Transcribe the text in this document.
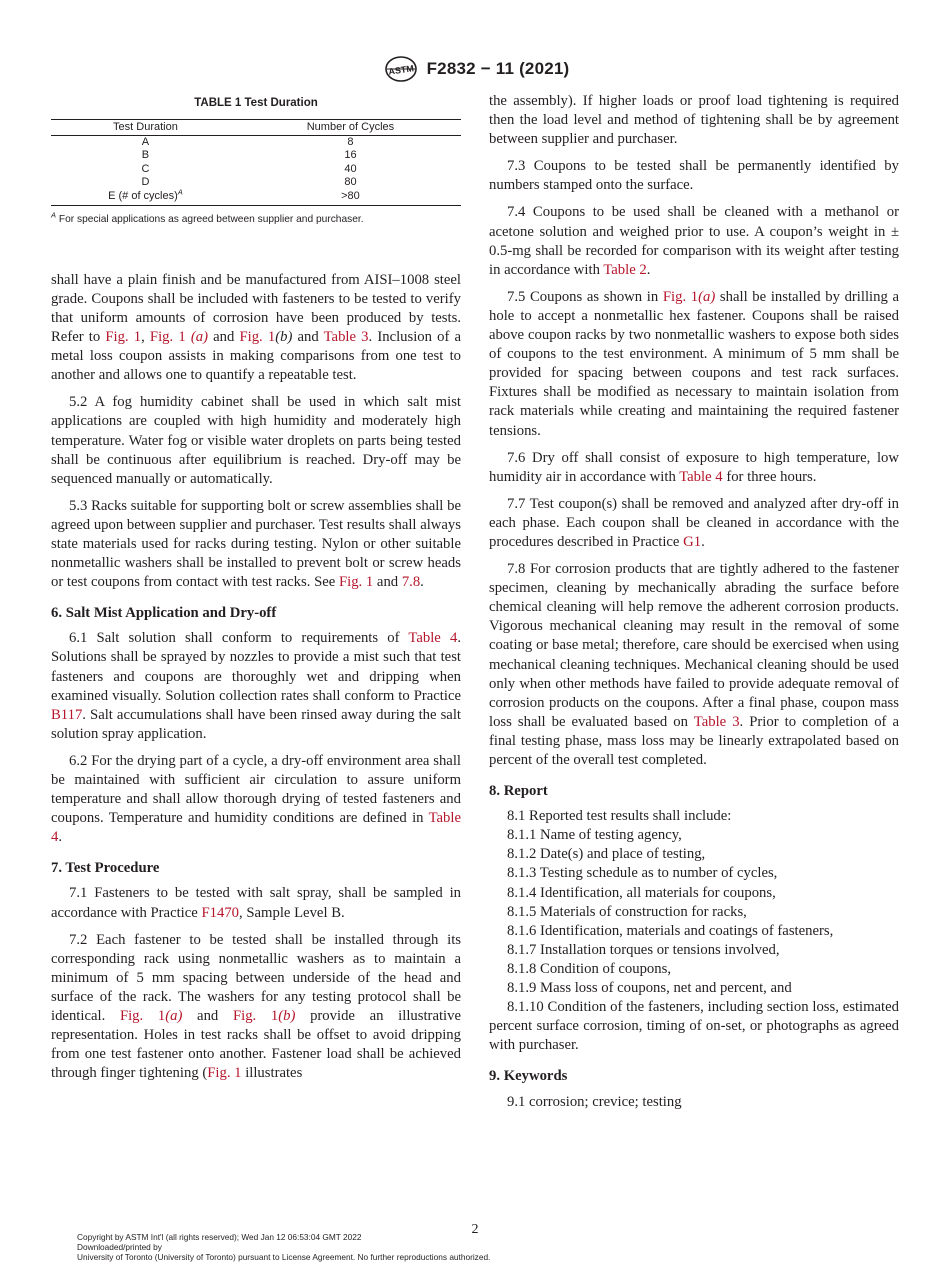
ASTM F2832 − 11 (2021)
TABLE 1 Test Duration
Test Duration	Number of Cycles
A	8
B	16
C	40
D	80
E (# of cycles)$^A$	>80
$^A$ For special applications as agreed between supplier and purchaser.

shall have a plain finish and be manufactured from AISI–1008 steel grade. Coupons shall be included with fasteners to be tested to verify that uniform amounts of corrosion have been produced by tests. Refer to Fig. 1, Fig. 1 (a) and Fig. 1(b) and Table 3. Inclusion of a metal loss coupon assists in making comparisons from one test to another and allows one to quantify a repeatable test.

5.2 A fog humidity cabinet shall be used in which salt mist applications are coupled with high humidity and moderately high temperature. Water fog or visible water droplets on parts being tested shall be continuous after equilibrium is reached. Dry-off may be sequenced manually or automatically.

5.3 Racks suitable for supporting bolt or screw assemblies shall be agreed upon between supplier and purchaser. Test results shall always state materials used for racks during testing. Nylon or other suitable nonmetallic washers shall be installed to prevent bolt or screw heads or test coupons from contact with test racks. See Fig. 1 and 7.8.

6. Salt Mist Application and Dry-off

6.1 Salt solution shall conform to requirements of Table 4. Solutions shall be sprayed by nozzles to provide a mist such that test fasteners and coupons are thoroughly wet and dripping when examined visually. Solution collection rates shall conform to Practice B117. Salt accumulations shall have been rinsed away during the salt solution spray application.

6.2 For the drying part of a cycle, a dry-off environment area shall be maintained with sufficient air circulation to assure uniform temperature and shall allow thorough drying of tested fasteners and coupons. Temperature and humidity conditions are defined in Table 4.

7. Test Procedure

7.1 Fasteners to be tested with salt spray, shall be sampled in accordance with Practice F1470, Sample Level B.

7.2 Each fastener to be tested shall be installed through its corresponding rack using nonmetallic washers as to maintain a minimum of 5 mm spacing between underside of the head and surface of the rack. The washers for any testing protocol shall be identical. Fig. 1(a) and Fig. 1(b) provide an illustrative representation. Holes in test racks shall be offset to avoid dripping from one test fastener onto another. Fastener load shall be achieved through finger tightening (Fig. 1 illustrates

the assembly). If higher loads or proof load tightening is required then the load level and method of tightening shall be by agreement between supplier and purchaser.

7.3 Coupons to be tested shall be permanently identified by numbers stamped onto the surface.

7.4 Coupons to be used shall be cleaned with a methanol or acetone solution and weighed prior to use. A coupon’s weight in ± 0.5-mg shall be recorded for comparison with its weight after testing in accordance with Table 2.

7.5 Coupons as shown in Fig. 1(a) shall be installed by drilling a hole to accept a nonmetallic hex fastener. Coupons shall be raised above coupon racks by two nonmetallic washers to expose both sides of coupons to the test environment. A minimum of 5 mm shall be provided for spacing between coupons and test rack surfaces. Fixtures shall be modified as necessary to maintain isolation from rack materials while creating and maintaining the required fastener tensions.

7.6 Dry off shall consist of exposure to high temperature, low humidity air in accordance with Table 4 for three hours.

7.7 Test coupon(s) shall be removed and analyzed after dry-off in each phase. Each coupon shall be cleaned in accordance with the procedures described in Practice G1.

7.8 For corrosion products that are tightly adhered to the fastener specimen, cleaning by mechanically abrading the surface before chemical cleaning will help remove the adherent corrosion products. Vigorous mechanical cleaning may result in the removal of some coating or base metal; therefore, care should be exercised when using mechanical cleaning techniques. Mechanical cleaning should be used only when other methods have failed to provide adequate removal of corrosion products on the coupons. After a final phase, coupon mass loss shall be evaluated based on Table 3. Prior to completion of a final testing phase, mass loss may be linearly extrapolated based on percent of the overall test completed.

8. Report

8.1 Reported test results shall include:

8.1.1 Name of testing agency,

8.1.2 Date(s) and place of testing,

8.1.3 Testing schedule as to number of cycles,

8.1.4 Identification, all materials for coupons,

8.1.5 Materials of construction for racks,

8.1.6 Identification, materials and coatings of fasteners,

8.1.7 Installation torques or tensions involved,

8.1.8 Condition of coupons,

8.1.9 Mass loss of coupons, net and percent, and

8.1.10 Condition of the fasteners, including section loss, estimated percent surface corrosion, timing of on-set, or photographs as agreed with purchaser.

9. Keywords

9.1 corrosion; crevice; testing

2
Copyright by ASTM Int'l (all rights reserved); Wed Jan 12 06:53:04 GMT 2022
Downloaded/printed by
University of Toronto (University of Toronto) pursuant to License Agreement. No further reproductions authorized.
